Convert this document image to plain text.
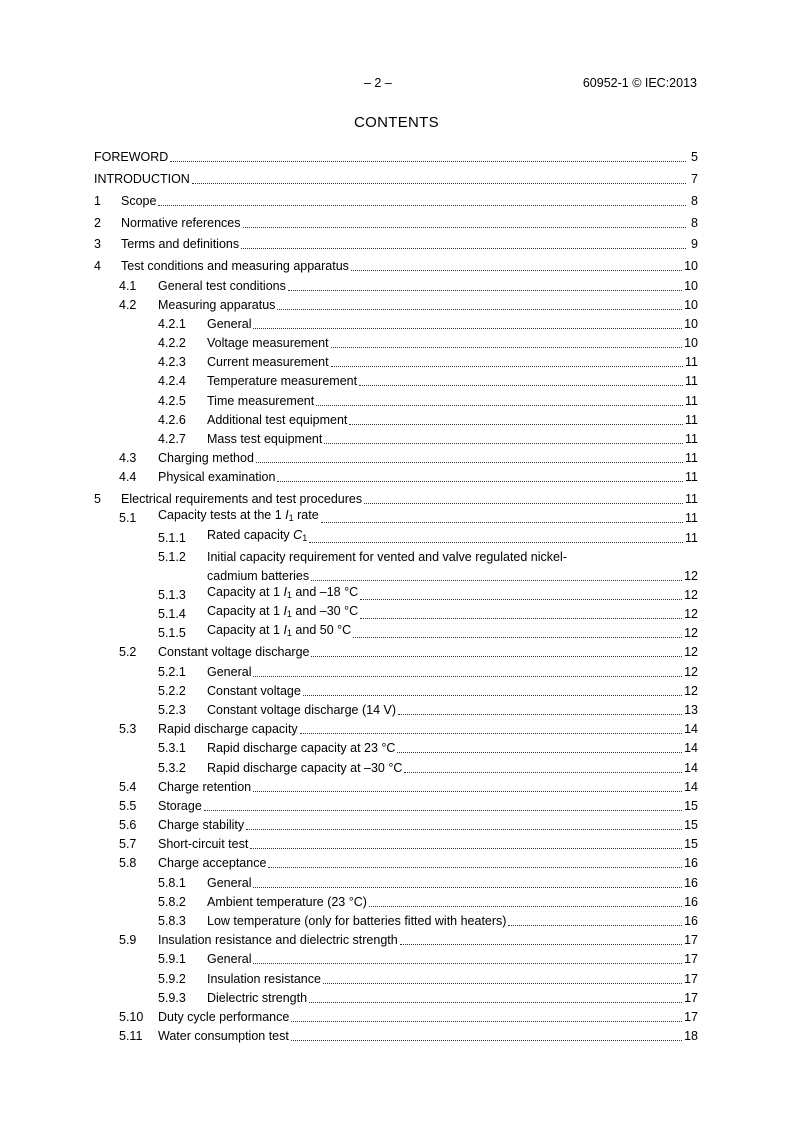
– 2 –	60952-1 © IEC:2013
CONTENTS
FOREWORD	5
INTRODUCTION	7
1	Scope	8
2	Normative references	8
3	Terms and definitions	9
4	Test conditions and measuring apparatus	10
4.1	General test conditions	10
4.2	Measuring apparatus	10
4.2.1	General	10
4.2.2	Voltage measurement	10
4.2.3	Current measurement	11
4.2.4	Temperature measurement	11
4.2.5	Time measurement	11
4.2.6	Additional test equipment	11
4.2.7	Mass test equipment	11
4.3	Charging method	11
4.4	Physical examination	11
5	Electrical requirements and test procedures	11
5.1	Capacity tests at the 1 $I_1$ rate	11
5.1.1	Rated capacity $C_1$	11
5.1.2 Initial capacity requirement for vented and valve regulated nickel-
cadmium batteries	12
5.1.3	Capacity at 1 $I_1$ and –18 °C	12
5.1.4	Capacity at 1 $I_1$ and –30 °C	12
5.1.5	Capacity at 1 $I_1$ and 50 °C	12
5.2	Constant voltage discharge	12
5.2.1	General	12
5.2.2	Constant voltage	12
5.2.3	Constant voltage discharge (14 V)	13
5.3	Rapid discharge capacity	14
5.3.1	Rapid discharge capacity at 23 °C	14
5.3.2	Rapid discharge capacity at –30 °C	14
5.4	Charge retention	14
5.5	Storage	15
5.6	Charge stability	15
5.7	Short-circuit test	15
5.8	Charge acceptance	16
5.8.1	General	16
5.8.2	Ambient temperature (23 °C)	16
5.8.3	Low temperature (only for batteries fitted with heaters)	16
5.9	Insulation resistance and dielectric strength	17
5.9.1	General	17
5.9.2	Insulation resistance	17
5.9.3	Dielectric strength	17
5.10	Duty cycle performance	17
5.11	Water consumption test	18
